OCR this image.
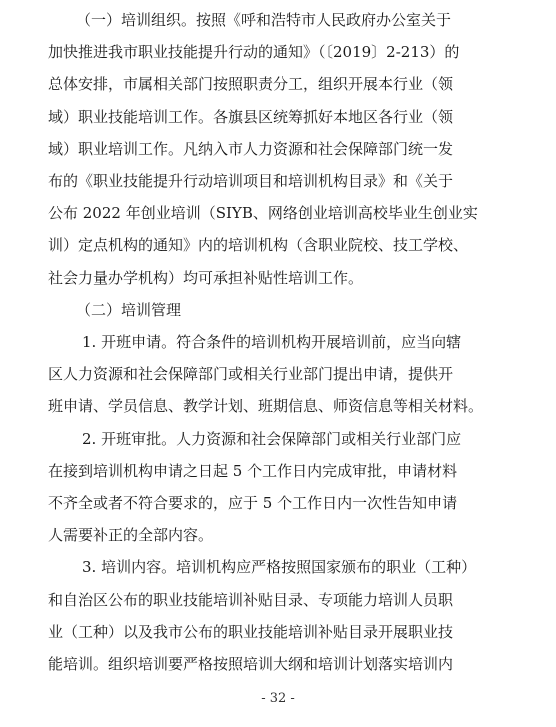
（一）培训组织。按照《呼和浩特市人民政府办公室关于
加快推进我市职业技能提升行动的通知》（〔2019〕2-213）的
总体安排，市属相关部门按照职责分工，组织开展本行业（领
域）职业技能培训工作。各旗县区统筹抓好本地区各行业（领
域）职业培训工作。凡纳入市人力资源和社会保障部门统一发
布的《职业技能提升行动培训项目和培训机构目录》和《关于
公布 2022 年创业培训（SIYB、网络创业培训高校毕业生创业实
训）定点机构的通知》内的培训机构（含职业院校、技工学校、
社会力量办学机构）均可承担补贴性培训工作。
（二）培训管理
1. 开班申请。符合条件的培训机构开展培训前，应当向辖
区人力资源和社会保障部门或相关行业部门提出申请，提供开
班申请、学员信息、教学计划、班期信息、师资信息等相关材料。
2. 开班审批。人力资源和社会保障部门或相关行业部门应
在接到培训机构申请之日起 5 个工作日内完成审批，申请材料
不齐全或者不符合要求的，应于 5 个工作日内一次性告知申请
人需要补正的全部内容。
3. 培训内容。培训机构应严格按照国家颁布的职业（工种）
和自治区公布的职业技能培训补贴目录、专项能力培训人员职
业（工种）以及我市公布的职业技能培训补贴目录开展职业技
能培训。组织培训要严格按照培训大纲和培训计划落实培训内
- 32 -
